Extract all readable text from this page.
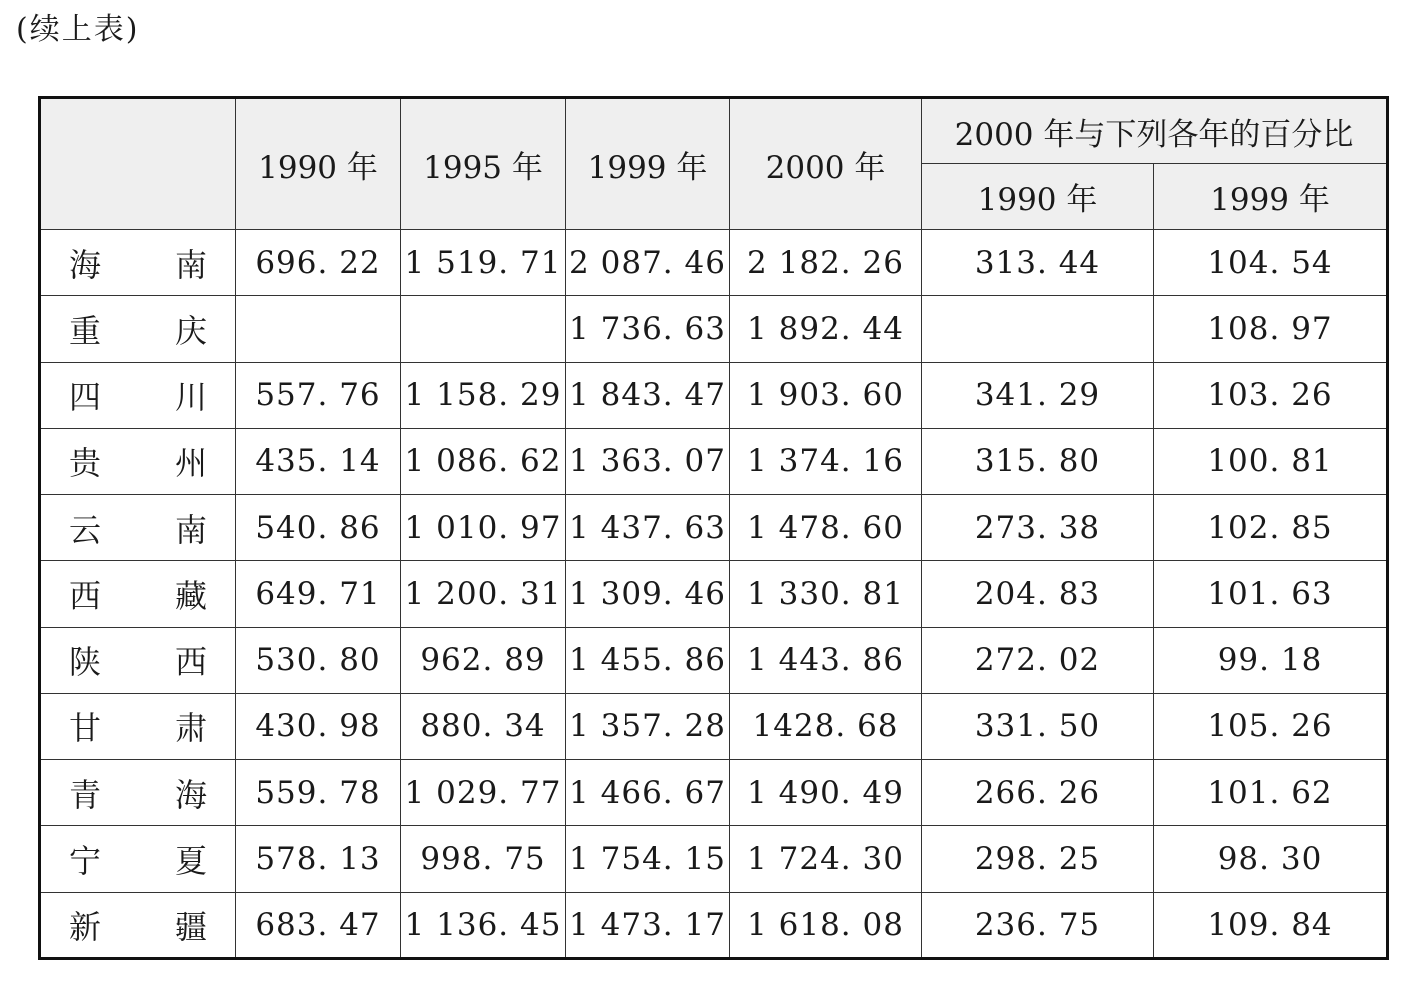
(续上表)
	1990 年	1995 年	1999 年	2000 年	2000 年与下列各年的百分比	
					1990 年	1999 年

海 南	696. 22	1 519. 71	2 087. 46	2 182. 26	313. 44	104. 54

重 庆			1 736. 63	1 892. 44		108. 97

四 川	557. 76	1 158. 29	1 843. 47	1 903. 60	341. 29	103. 26

贵 州	435. 14	1 086. 62	1 363. 07	1 374. 16	315. 80	100. 81

云 南	540. 86	1 010. 97	1 437. 63	1 478. 60	273. 38	102. 85

西 藏	649. 71	1 200. 31	1 309. 46	1 330. 81	204. 83	101. 63

陕 西	530. 80	962. 89	1 455. 86	1 443. 86	272. 02	99. 18

甘 肃	430. 98	880. 34	1 357. 28	1428. 68	331. 50	105. 26

青 海	559. 78	1 029. 77	1 466. 67	1 490. 49	266. 26	101. 62

宁 夏	578. 13	998. 75	1 754. 15	1 724. 30	298. 25	98. 30

新 疆	683. 47	1 136. 45	1 473. 17	1 618. 08	236. 75	109. 84
